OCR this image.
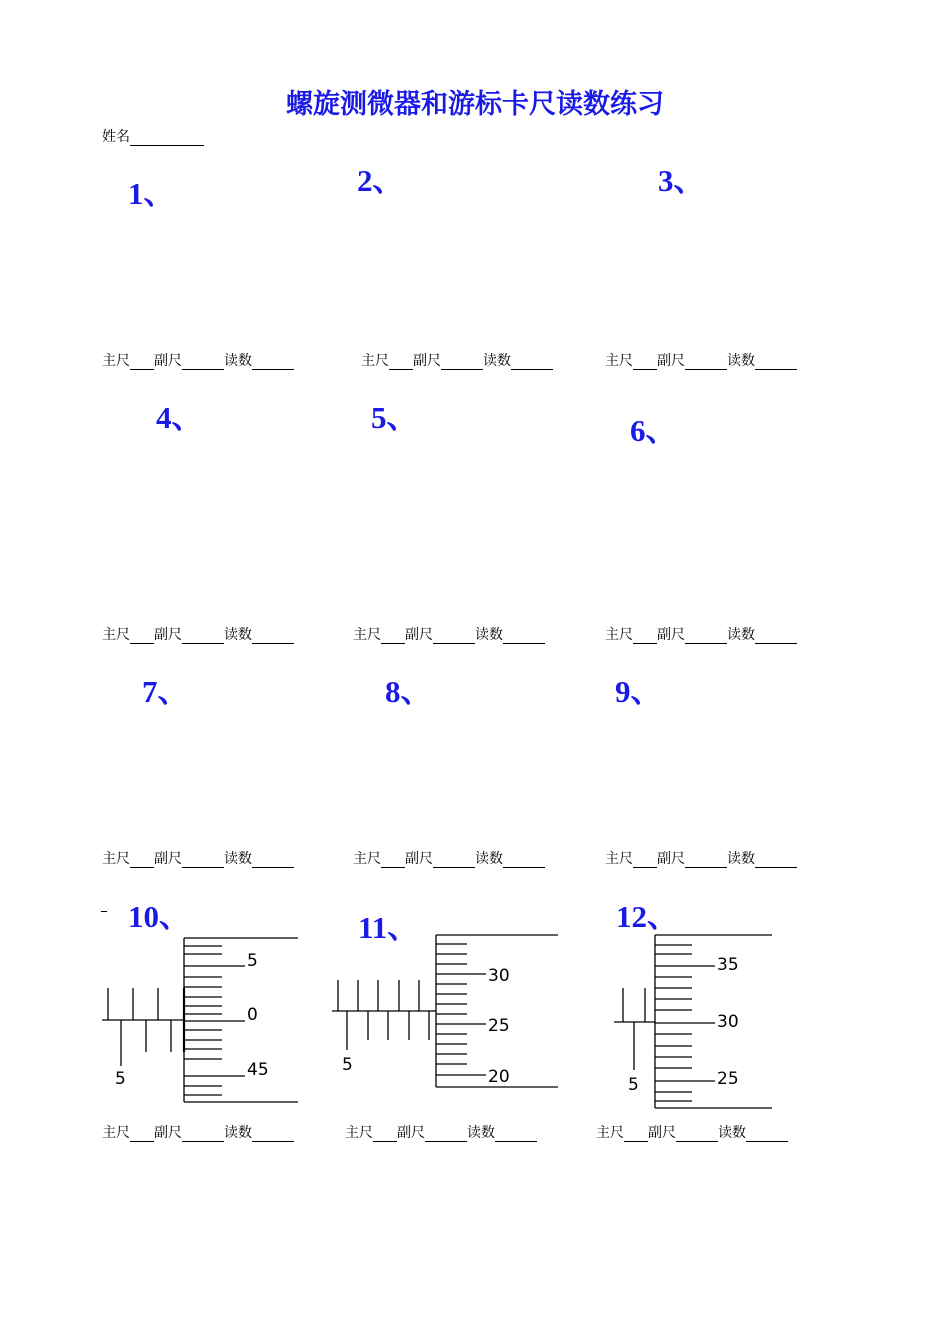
螺旋测微器和游标卡尺读数练习
姓名
1、	2、	3、
4、	5、	6、
7、	8、	9、
10、	11、	12、
主尺 副尺	读数	主尺 副尺	读数	主尺 副尺	读数
主尺 副尺	读数	主尺 副尺	读数	主尺 副尺	读数
主尺 副尺	读数	主尺 副尺	读数	主尺 副尺	读数
主尺 副尺	读数	主尺 副尺	读数	主尺 副尺	读数
5
5
0
45	5
30
25
20	5
35
30
25
